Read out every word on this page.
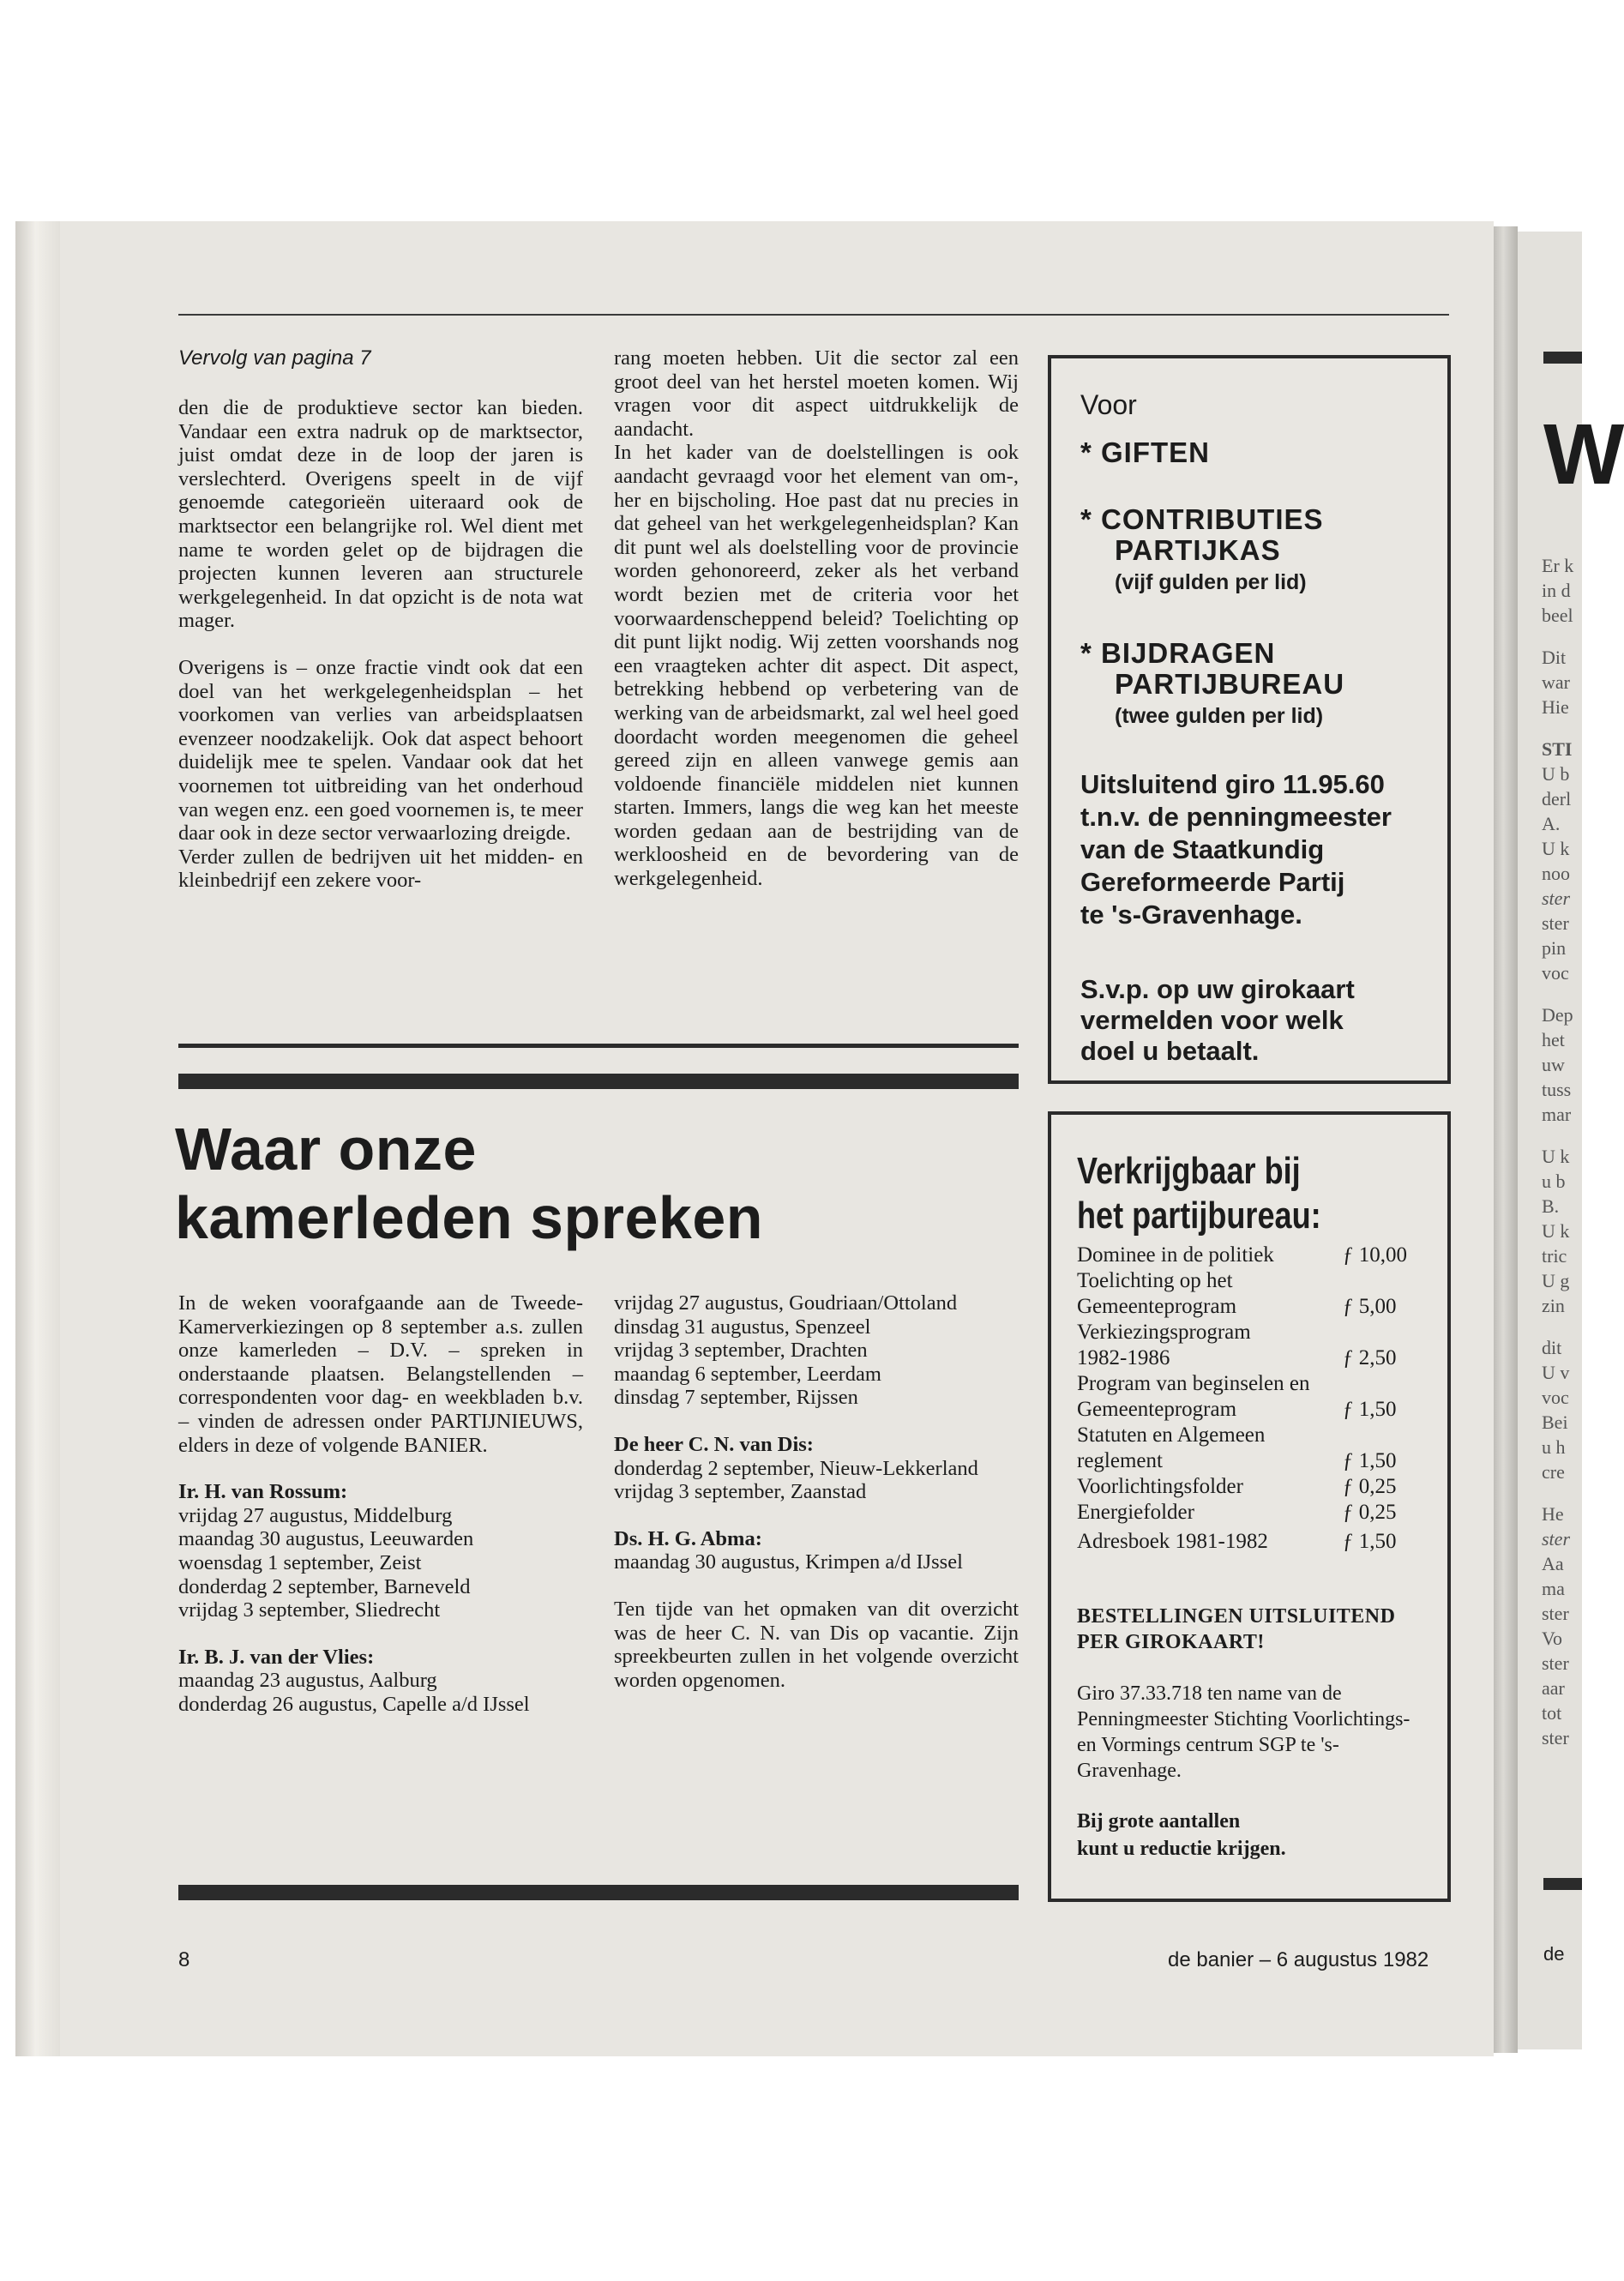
Vervolg van pagina 7

den die de produktieve sector kan bieden. Vandaar een extra nadruk op de marktsector, juist omdat deze in de loop der jaren is verslechterd. Overigens speelt in de vijf genoemde categorieën uiteraard ook de marktsector een belangrijke rol. Wel dient met name te worden gelet op de bijdragen die projecten kunnen leveren aan structurele werkgelegenheid. In dat opzicht is de nota wat mager.

Overigens is – onze fractie vindt ook dat een doel van het werkgelegenheidsplan – het voorkomen van verlies van arbeidsplaatsen evenzeer noodzakelijk. Ook dat aspect behoort duidelijk mee te spelen. Vandaar ook dat het voornemen tot uitbreiding van het onderhoud van wegen enz. een goed voornemen is, te meer daar ook in deze sector verwaarlozing dreigde.

Verder zullen de bedrijven uit het midden- en kleinbedrijf een zekere voor-

rang moeten hebben. Uit die sector zal een groot deel van het herstel moeten komen. Wij vragen voor dit aspect uitdrukkelijk de aandacht.

In het kader van de doelstellingen is ook aandacht gevraagd voor het element van om-, her en bijscholing. Hoe past dat nu precies in dat geheel van het werkgelegenheidsplan? Kan dit punt wel als doelstelling voor de provincie worden gehonoreerd, zeker als het verband wordt bezien met de criteria voor het voorwaardenscheppend beleid? Toelichting op dit punt lijkt nodig. Wij zetten voorshands nog een vraagteken achter dit aspect. Dit aspect, betrekking hebbend op verbetering van de werking van de arbeidsmarkt, zal wel heel goed doordacht worden meegenomen die geheel gereed zijn en alleen vanwege gemis aan voldoende financiële middelen niet kunnen starten. Immers, langs die weg kan het meeste worden gedaan aan de bestrijding van de werkloosheid en de bevordering van de werkgelegenheid.

Voor
* GIFTEN
* CONTRIBUTIES
PARTIJKAS
(vijf gulden per lid)
* BIJDRAGEN
PARTIJBUREAU
(twee gulden per lid)
Uitsluitend giro 11.95.60
t.n.v. de penningmeester
van de Staatkundig
Gereformeerde Partij
te 's-Gravenhage.
S.v.p. op uw girokaart
vermelden voor welk
doel u betaalt.
Waar onze
kamerleden spreken

In de weken voorafgaande aan de Tweede-Kamerverkiezingen op 8 september a.s. zullen onze kamerleden – D.V. – spreken in onderstaande plaatsen. Belangstellenden – correspondenten voor dag- en weekbladen b.v. – vinden de adressen onder PARTIJNIEUWS, elders in deze of volgende BANIER.

Ir. H. van Rossum:
vrijdag 27 augustus, Middelburg
maandag 30 augustus, Leeuwarden
woensdag 1 september, Zeist
donderdag 2 september, Barneveld
vrijdag 3 september, Sliedrecht
Ir. B. J. van der Vlies:
maandag 23 augustus, Aalburg
donderdag 26 augustus, Capelle a/d IJssel
vrijdag 27 augustus, Goudriaan/Ottoland
dinsdag 31 augustus, Spenzeel
vrijdag 3 september, Drachten
maandag 6 september, Leerdam
dinsdag 7 september, Rijssen
De heer C. N. van Dis:
donderdag 2 september, Nieuw-Lekkerland
vrijdag 3 september, Zaanstad
Ds. H. G. Abma:
maandag 30 augustus, Krimpen a/d IJssel

Ten tijde van het opmaken van dit overzicht was de heer C. N. van Dis op vacantie. Zijn spreekbeurten zullen in het volgende overzicht worden opgenomen.

Verkrijgbaar bij
het partijbureau:
Dominee in de politiek	ƒ 10,00
Toelichting op het
Gemeenteprogram	ƒ 5,00
Verkiezingsprogram
1982-1986	ƒ 2,50
Program van beginselen en
Gemeenteprogram	ƒ 1,50
Statuten en Algemeen
reglement	ƒ 1,50
Voorlichtingsfolder	ƒ 0,25
Energiefolder	ƒ 0,25
Adresboek 1981-1982	ƒ 1,50
BESTELLINGEN UITSLUITEND
PER GIROKAART!
Giro 37.33.718 ten name van de Penningmeester Stichting Voorlichtings- en Vormings centrum SGP te 's-Gravenhage.
Bij grote aantallen
kunt u reductie krijgen.
8	de banier – 6 augustus 1982
W
Er k
in d
beel
Dit
war
Hie
STI
U b
derl
A.
U k
noo
ster
ster
pin
voc
Dep
het
uw
tuss
mar
U k
u b
B.
U k
tric
U g
zin
dit
U v
voc
Bei
u h
cre
He
ster
Aa
ma
ster
Vo
ster
aar
tot
ster
de
